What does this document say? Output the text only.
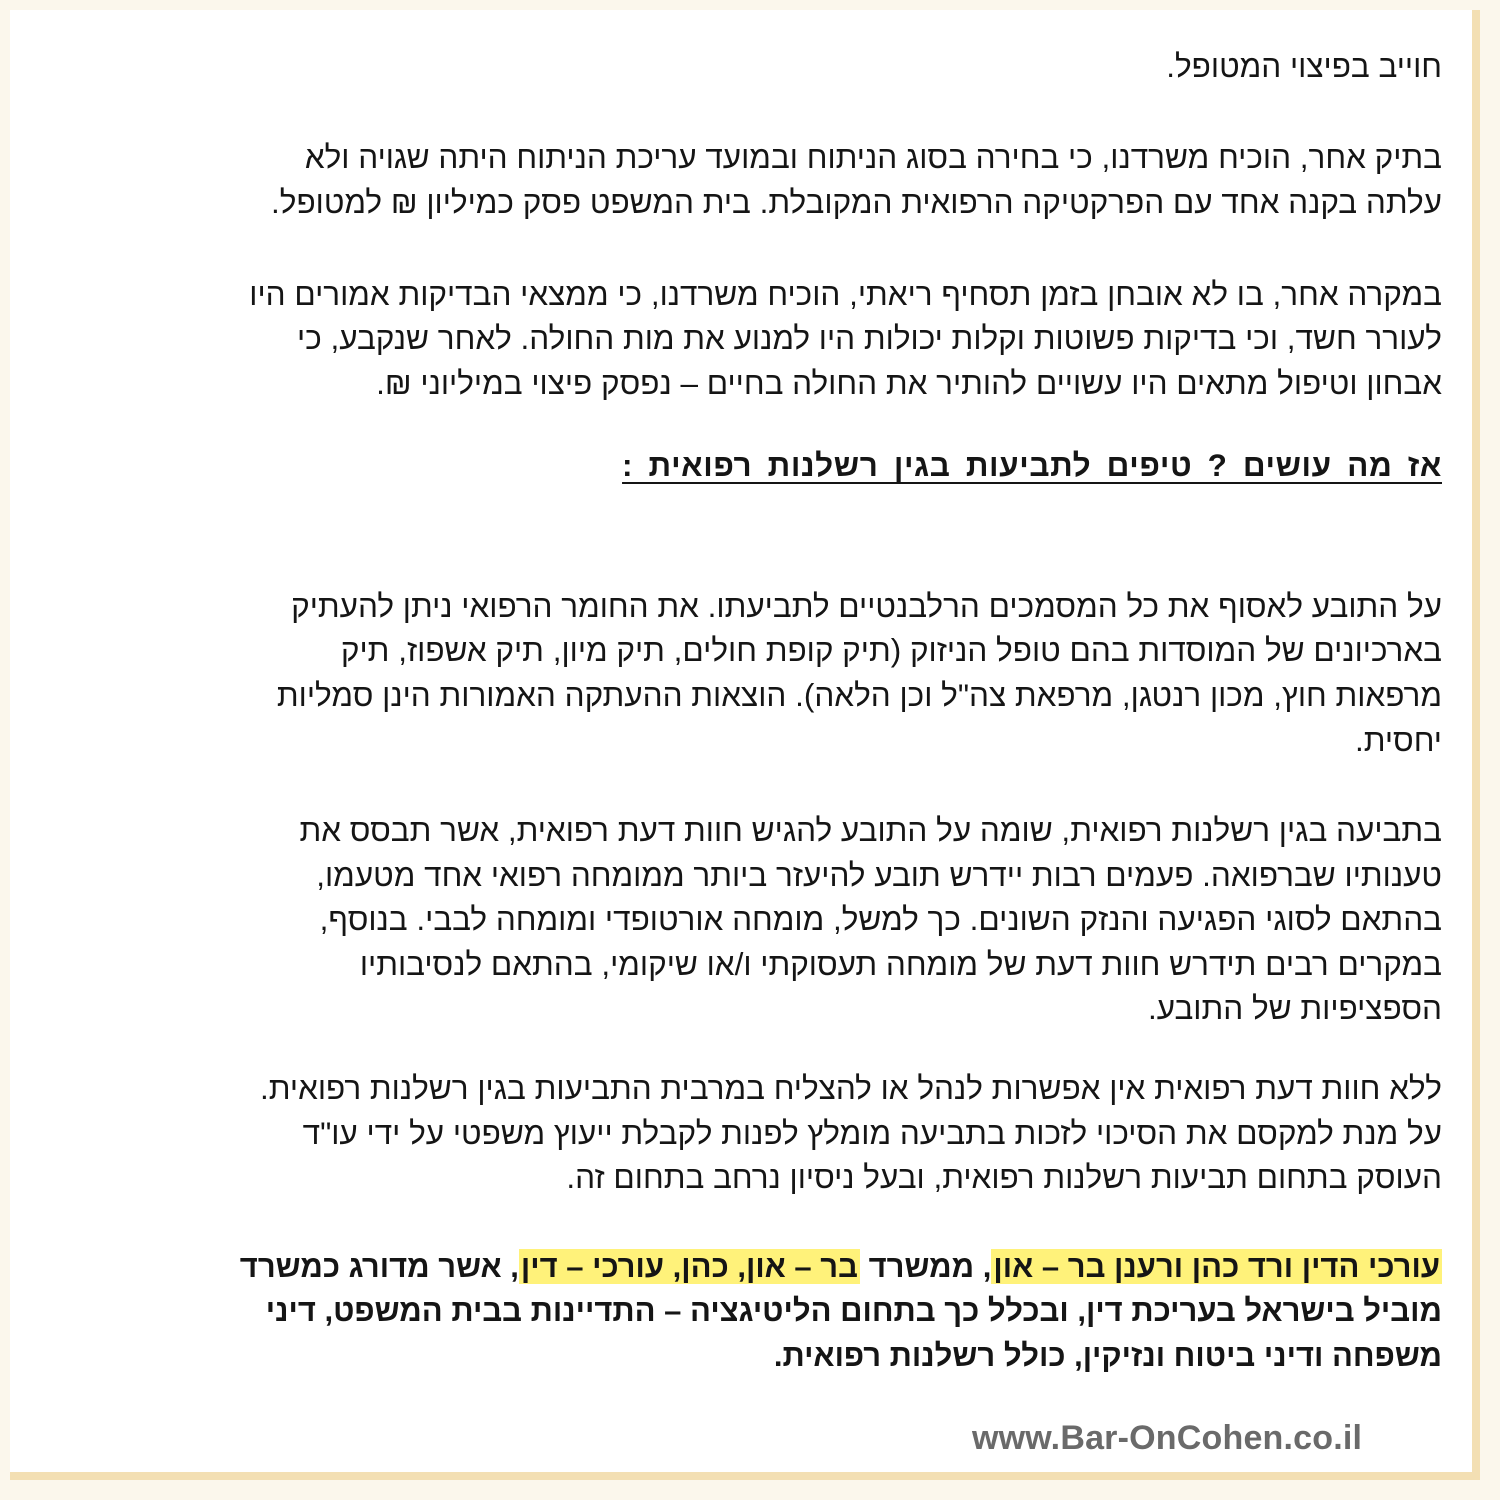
חוייב בפיצוי המטופל.

בתיק אחר, הוכיח משרדנו, כי בחירה בסוג הניתוח ובמועד עריכת הניתוח היתה שגויה ולא

עלתה בקנה אחד עם הפרקטיקה הרפואית המקובלת. בית המשפט פסק כמיליון ₪ למטופל.

במקרה אחר, בו לא אובחן בזמן תסחיף ריאתי, הוכיח משרדנו, כי ממצאי הבדיקות אמורים היו

לעורר חשד, וכי בדיקות פשוטות וקלות יכולות היו למנוע את מות החולה. לאחר שנקבע, כי

אבחון וטיפול מתאים היו עשויים להותיר את החולה בחיים – נפסק פיצוי במיליוני ₪.

אז מה עושים ? טיפים לתביעות בגין רשלנות רפואית :

על התובע לאסוף את כל המסמכים הרלבנטיים לתביעתו. את החומר הרפואי ניתן להעתיק

בארכיונים של המוסדות בהם טופל הניזוק (תיק קופת חולים, תיק מיון, תיק אשפוז, תיק

מרפאות חוץ, מכון רנטגן, מרפאת צה"ל וכן הלאה). הוצאות ההעתקה האמורות הינן סמליות

יחסית.

בתביעה בגין רשלנות רפואית, שומה על התובע להגיש חוות דעת רפואית, אשר תבסס את

טענותיו שברפואה. פעמים רבות יידרש תובע להיעזר ביותר ממומחה רפואי אחד מטעמו,

בהתאם לסוגי הפגיעה והנזק השונים. כך למשל, מומחה אורטופדי ומומחה לבבי. בנוסף,

במקרים רבים תידרש חוות דעת של מומחה תעסוקתי ו/או שיקומי, בהתאם לנסיבותיו

הספציפיות של התובע.

ללא חוות דעת רפואית אין אפשרות לנהל או להצליח במרבית התביעות בגין רשלנות רפואית.

על מנת למקסם את הסיכוי לזכות בתביעה מומלץ לפנות לקבלת ייעוץ משפטי על ידי עו"ד

העוסק בתחום תביעות רשלנות רפואית, ובעל ניסיון נרחב בתחום זה.

עורכי הדין ורד כהן ורענן בר – און, ממשרד בר – און, כהן, עורכי – דין, אשר מדורג כמשרד

מוביל בישראל בעריכת דין, ובכלל כך בתחום הליטיגציה – התדיינות בבית המשפט, דיני

משפחה ודיני ביטוח ונזיקין, כולל רשלנות רפואית.

www.Bar-OnCohen.co.il
